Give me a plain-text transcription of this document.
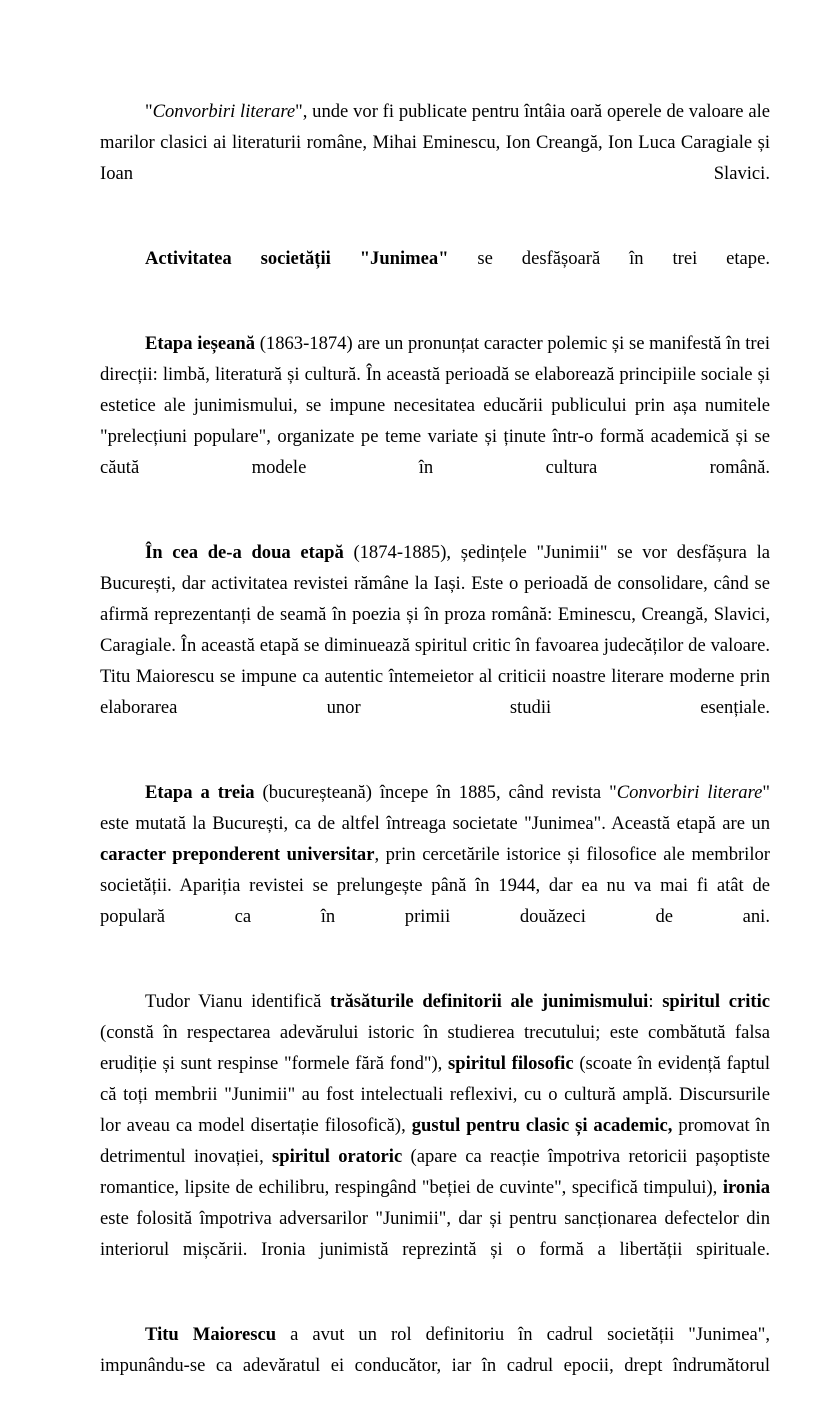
"Convorbiri literare", unde vor fi publicate pentru întâia oară operele de valoare ale marilor clasici ai literaturii române, Mihai Eminescu, Ion Creangă, Ion Luca Caragiale și Ioan Slavici.

Activitatea societății "Junimea" se desfășoară în trei etape.

Etapa ieșeană (1863-1874) are un pronunțat caracter polemic și se manifestă în trei direcții: limbă, literatură și cultură. În această perioadă se elaborează principiile sociale și estetice ale junimismului, se impune necesitatea educării publicului prin așa numitele "prelecțiuni populare", organizate pe teme variate și ținute într-o formă academică și se căută modele în cultura română.

În cea de-a doua etapă (1874-1885), ședințele "Junimii" se vor desfășura la București, dar activitatea revistei rămâne la Iași. Este o perioadă de consolidare, când se afirmă reprezentanți de seamă în poezia și în proza română: Eminescu, Creangă, Slavici, Caragiale. În această etapă se diminuează spiritul critic în favoarea judecăților de valoare. Titu Maiorescu se impune ca autentic întemeietor al criticii noastre literare moderne prin elaborarea unor studii esențiale.

Etapa a treia (bucureșteană) începe în 1885, când revista "Convorbiri literare" este mutată la București, ca de altfel întreaga societate "Junimea". Această etapă are un caracter preponderent universitar, prin cercetările istorice și filosofice ale membrilor societății. Apariția revistei se prelungește până în 1944, dar ea nu va mai fi atât de populară ca în primii douăzeci de ani.

Tudor Vianu identifică trăsăturile definitorii ale junimismului: spiritul critic (constă în respectarea adevărului istoric în studierea trecutului; este combătută falsa erudiție și sunt respinse "formele fără fond"), spiritul filosofic (scoate în evidență faptul că toți membrii "Junimii" au fost intelectuali reflexivi, cu o cultură amplă. Discursurile lor aveau ca model disertație filosofică), gustul pentru clasic și academic, promovat în detrimentul inovației, spiritul oratoric (apare ca reacție împotriva retoricii pașoptiste romantice, lipsite de echilibru, respingând "beției de cuvinte", specifică timpului), ironia este folosită împotriva adversarilor "Junimii", dar și pentru sancționarea defectelor din interiorul mișcării. Ironia junimistă reprezintă și o formă a libertății spirituale.

Titu Maiorescu a avut un rol definitoriu în cadrul societății "Junimea", impunându-se ca adevăratul ei conducător, iar în cadrul epocii, drept îndrumătorul
